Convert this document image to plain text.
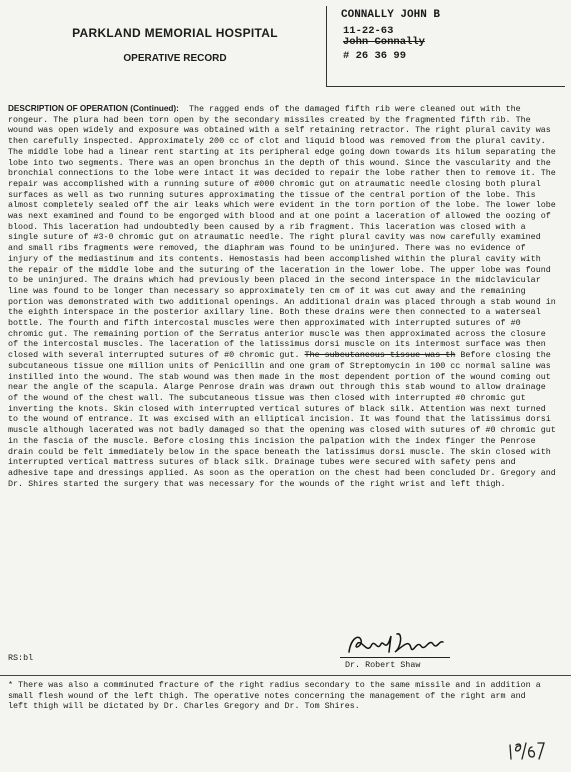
PARKLAND MEMORIAL HOSPITAL
OPERATIVE RECORD
CONNALLY JOHN B
11-22-63
John Connally
# 26 36 99
DESCRIPTION OF OPERATION (Continued): The ragged ends of the damaged fifth rib were cleaned out with the rongeur. The plura had been torn open by the secondary missiles created by the fragmented fifth rib. The wound was open widely and exposure was obtained with a self retaining retractor. The right plural cavity was then carefully inspected. Approximately 200 cc of clot and liquid blood was removed from the plural cavity. The middle lobe had a linear rent starting at its peripheral edge going down towards its hilum separating the lobe into two segments. There was an open bronchus in the depth of this wound. Since the vascularity and the bronchial connections to the lobe were intact it was decided to repair the lobe rather then to remove it. The repair was accomplished with a running suture of #000 chromic gut on atraumatic needle closing both plural surfaces as well as two running sutures approximating the tissue of the central portion of the lobe. This almost completely sealed off the air leaks which were evident in the torn portion of the lobe. The lower lobe was next examined and found to be engorged with blood and at one point a laceration of allowed the oozing of blood. This laceration had undoubtedly been caused by a rib fragment. This laceration was closed with a single suture of #3-0 chromic gut on atraumatic needle. The right plural cavity was now carefully examined and small ribs fragments were removed, the diaphram was found to be uninjured. There was no evidence of injury of the mediastinum and its contents. Hemostasis had been accomplished within the plural cavity with the repair of the middle lobe and the suturing of the laceration in the lower lobe. The upper lobe was found to be uninjured. The drains which had previously been placed in the second interspace in the midclavicular line was found to be longer than necessary so approximately ten cm of it was cut away and the remaining portion was demonstrated with two additional openings. An additional drain was placed through a stab wound in the eighth interspace in the posterior axillary line. Both these drains were then connected to a waterseal bottle. The fourth and fifth intercostal muscles were then approximated with interrupted sutures of #0 chromic gut. The remaining portion of the Serratus anterior muscle was then approximated across the closure of the intercostal muscles. The laceration of the latissimus dorsi muscle on its intermost surface was then closed with several interrupted sutures of #0 chromic gut. The subcutaneous tissue was th Before closing the subcutaneous tissue one million units of Penicillin and one gram of Streptomycin in 100 cc normal saline was instilled into the wound. The stab wound was then made in the most dependent portion of the wound coming out near the angle of the scapula. Alarge Penrose drain was drawn out through this stab wound to allow drainage of the wound of the chest wall. The subcutaneous tissue was then closed with interrupted #0 chromic gut inverting the knots. Skin closed with interrupted vertical sutures of black silk. Attention was next turned to the wound of entrance. It was excised with an elliptical incision. It was found that the latissimus dorsi muscle although lacerated was not badly damaged so that the opening was closed with sutures of #0 chromic gut in the fascia of the muscle. Before closing this incision the palpation with the index finger the Penrose drain could be felt immediately below in the space beneath the latissimus dorsi muscle. The skin closed with interrupted vertical mattress sutures of black silk. Drainage tubes were secured with safety pens and adhesive tape and dressings applied. As soon as the operation on the chest had been concluded Dr. Gregory and Dr. Shires started the surgery that was necessary for the wounds of the right wrist and left thigh.
Dr. Robert Shaw
RS:bl
* There was also a comminuted fracture of the right radius secondary to the same missile and in addition a small flesh wound of the left thigh. The operative notes concerning the management of the right arm and left thigh will be dictated by Dr. Charles Gregory and Dr. Tom Shires.
